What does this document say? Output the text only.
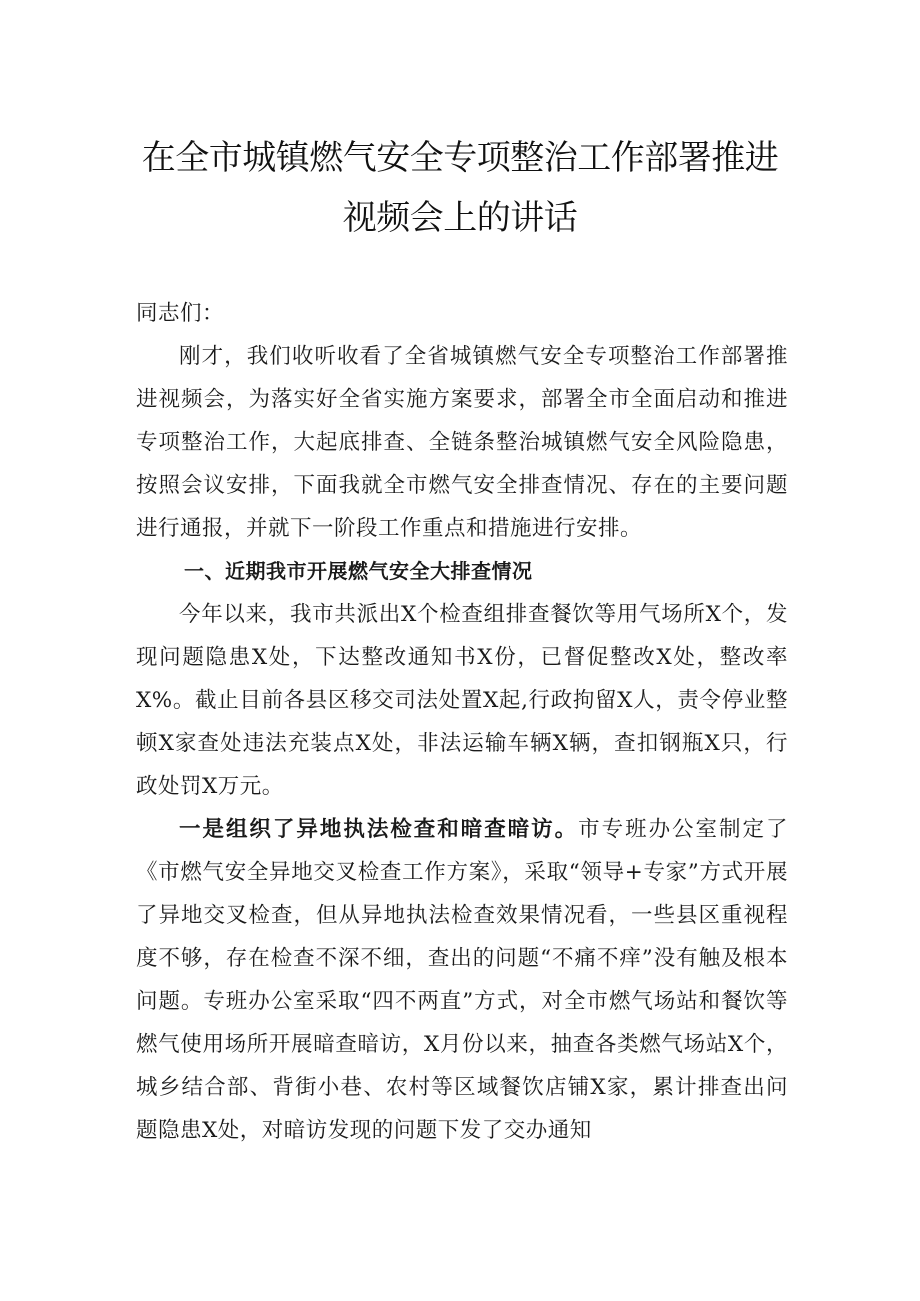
在全市城镇燃气安全专项整治工作部署推进视频会上的讲话

同志们：

刚才，我们收听收看了全省城镇燃气安全专项整治工作部署推进视频会，为落实好全省实施方案要求，部署全市全面启动和推进专项整治工作，大起底排查、全链条整治城镇燃气安全风险隐患，按照会议安排，下面我就全市燃气安全排查情况、存在的主要问题进行通报，并就下一阶段工作重点和措施进行安排。

一、近期我市开展燃气安全大排查情况

今年以来，我市共派出X个检查组排查餐饮等用气场所X个，发现问题隐患X处，下达整改通知书X份，已督促整改X处，整改率X%。截止目前各县区移交司法处置X起,行政拘留X人，责令停业整顿X家查处违法充装点X处，非法运输车辆X辆，查扣钢瓶X只，行政处罚X万元。

一是组织了异地执法检查和暗查暗访。市专班办公室制定了《市燃气安全异地交叉检查工作方案》，采取“领导+专家”方式开展了异地交叉检查，但从异地执法检查效果情况看，一些县区重视程度不够，存在检查不深不细，查出的问题“不痛不痒”没有触及根本问题。专班办公室采取“四不两直”方式，对全市燃气场站和餐饮等燃气使用场所开展暗查暗访，X月份以来，抽查各类燃气场站X个，城乡结合部、背街小巷、农村等区域餐饮店铺X家，累计排查出问题隐患X处，对暗访发现的问题下发了交办通知
